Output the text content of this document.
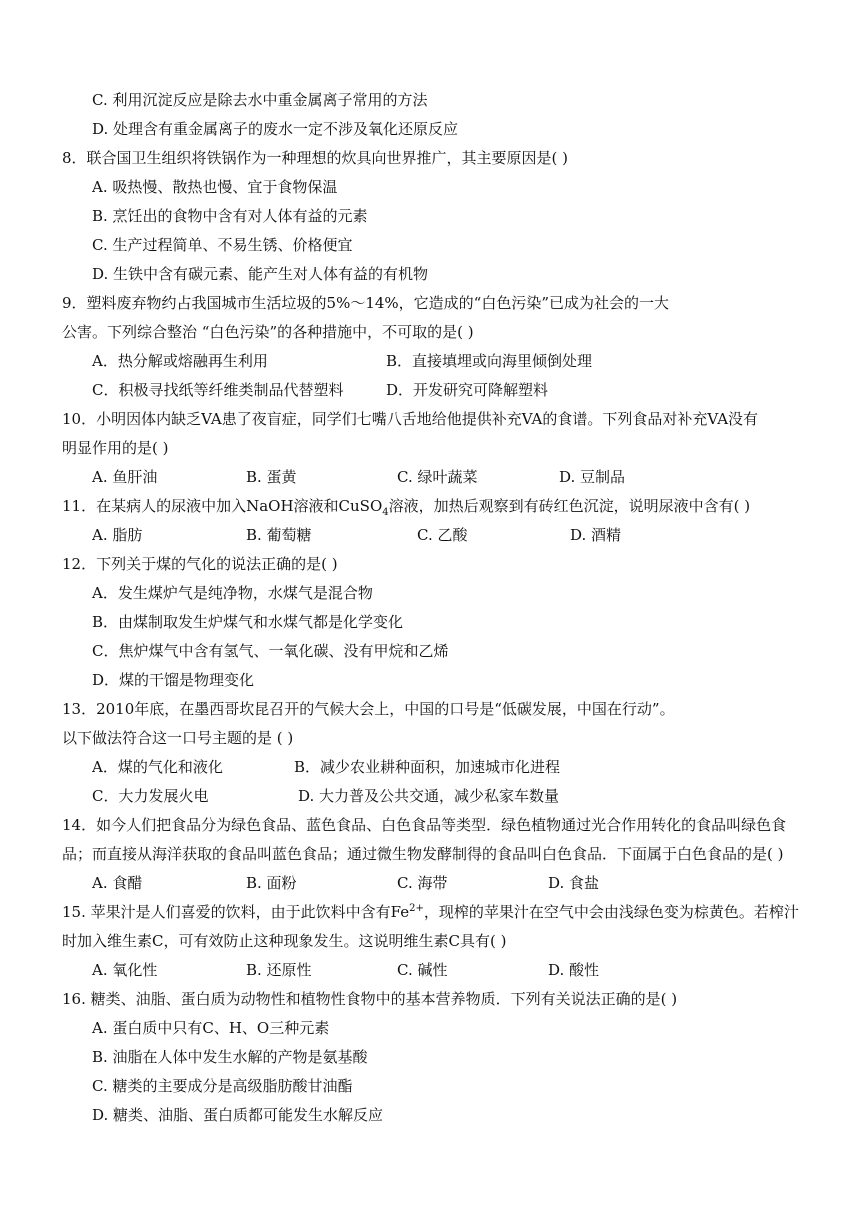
C. 利用沉淀反应是除去水中重金属离子常用的方法
D. 处理含有重金属离子的废水一定不涉及氧化还原反应
8．联合国卫生组织将铁锅作为一种理想的炊具向世界推广，其主要原因是( )
A. 吸热慢、散热也慢、宜于食物保温
B. 烹饪出的食物中含有对人体有益的元素
C. 生产过程简单、不易生锈、价格便宜
D. 生铁中含有碳元素、能产生对人体有益的有机物
9．塑料废弃物约占我国城市生活垃圾的5%～14%，它造成的“白色污染”已成为社会的一大
公害。下列综合整治 “白色污染”的各种措施中，不可取的是( )
A．热分解或熔融再生利用	B．直接填埋或向海里倾倒处理
C．积极寻找纸等纤维类制品代替塑料	D．开发研究可降解塑料
10．小明因体内缺乏VA患了夜盲症，同学们七嘴八舌地给他提供补充VA的食谱。下列食品对补充VA没有
明显作用的是( )
A. 鱼肝油	B. 蛋黄	C. 绿叶蔬菜	D. 豆制品
11．在某病人的尿液中加入NaOH溶液和CuSO$_4$溶液，加热后观察到有砖红色沉淀，说明尿液中含有( )
A. 脂肪	B. 葡萄糖	C. 乙酸	D. 酒精
12．下列关于煤的气化的说法正确的是( )
A．发生煤炉气是纯净物，水煤气是混合物
B．由煤制取发生炉煤气和水煤气都是化学变化
C．焦炉煤气中含有氢气、一氧化碳、没有甲烷和乙烯
D．煤的干馏是物理变化
13．2010年底，在墨西哥坎昆召开的气候大会上，中国的口号是“低碳发展，中国在行动”。
以下做法符合这一口号主题的是 ( )
A．煤的气化和液化	B．减少农业耕种面积，加速城市化进程
C．大力发展火电	D. 大力普及公共交通，减少私家车数量
14．如今人们把食品分为绿色食品、蓝色食品、白色食品等类型．绿色植物通过光合作用转化的食品叫绿色食
品；而直接从海洋获取的食品叫蓝色食品；通过微生物发酵制得的食品叫白色食品．下面属于白色食品的是( )
A. 食醋	B. 面粉	C. 海带	D. 食盐
15. 苹果汁是人们喜爱的饮料，由于此饮料中含有$Fe^{2+}$，现榨的苹果汁在空气中会由浅绿色变为棕黄色。若榨汁
时加入维生素C，可有效防止这种现象发生。这说明维生素C具有( )
A. 氧化性	B. 还原性	C. 碱性	D. 酸性
16. 糖类、油脂、蛋白质为动物性和植物性食物中的基本营养物质．下列有关说法正确的是( )
A. 蛋白质中只有C、H、O三种元素
B. 油脂在人体中发生水解的产物是氨基酸
C. 糖类的主要成分是高级脂肪酸甘油酯
D. 糖类、油脂、蛋白质都可能发生水解反应
